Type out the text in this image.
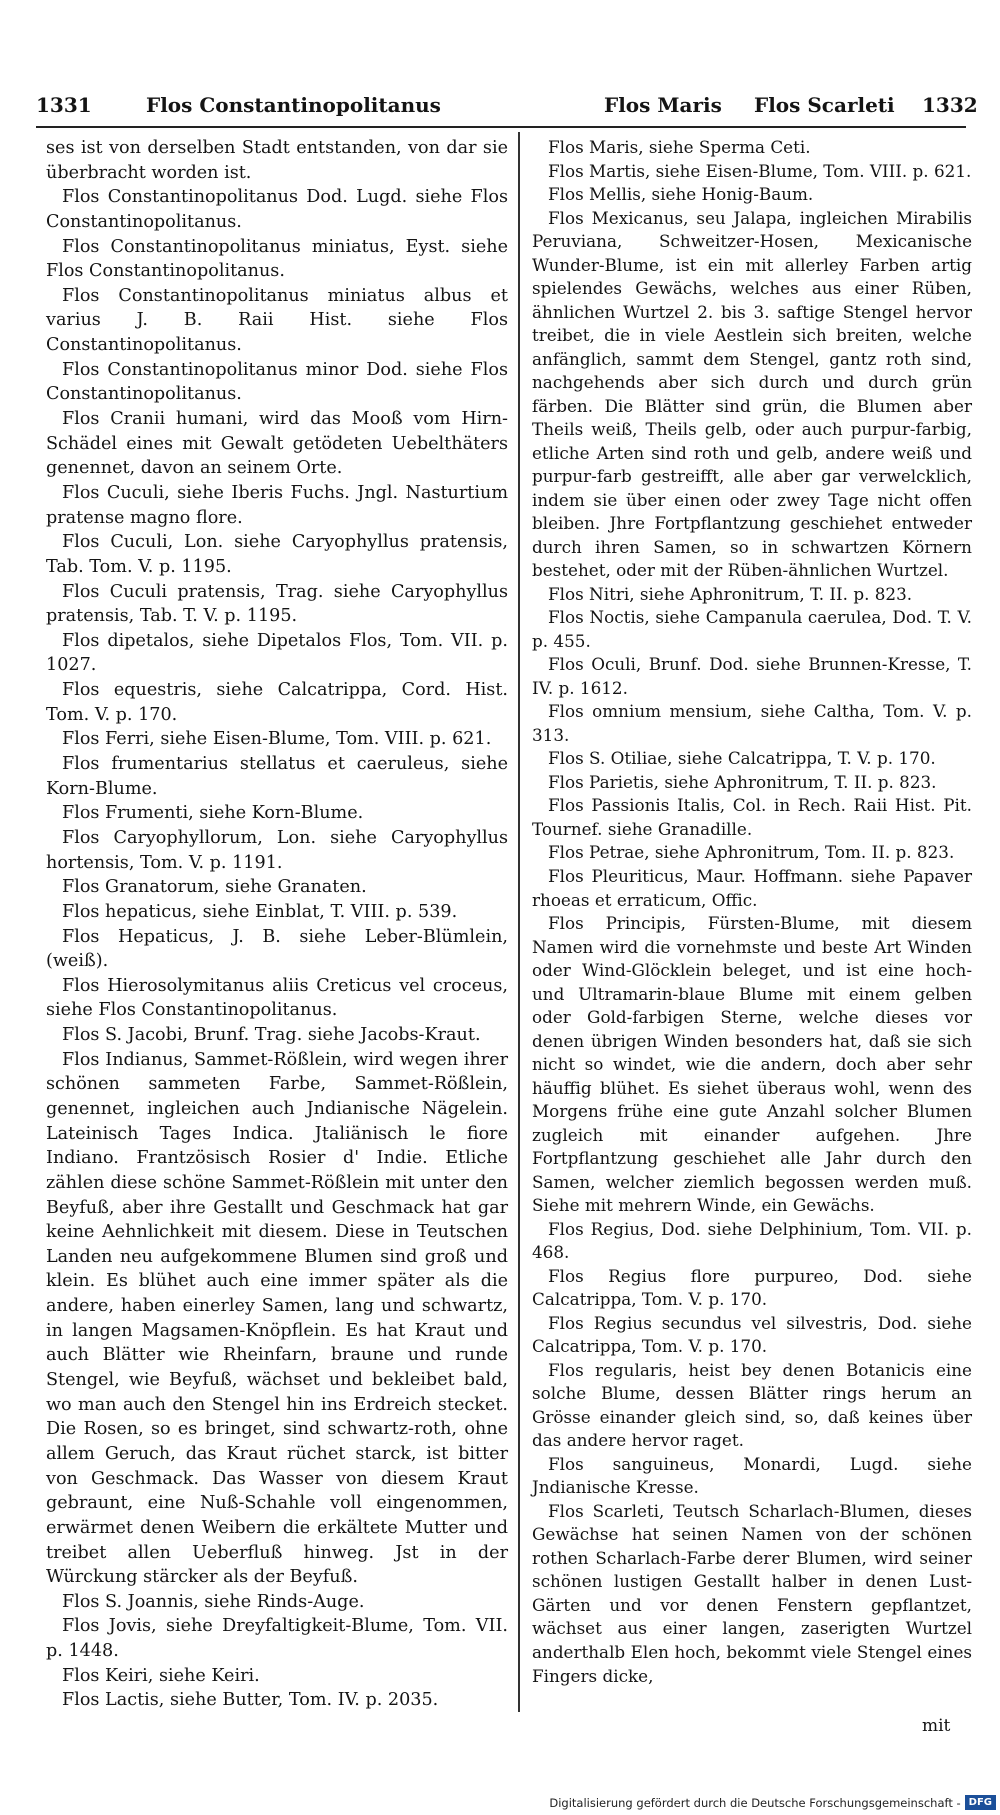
1331	Flos Constantinopolitanus	Flos Maris Flos Scarleti 1332

ses ist von derselben Stadt entstanden, von dar sie überbracht worden ist.

Flos Constantinopolitanus Dod. Lugd. siehe Flos Constantinopolitanus.

Flos Constantinopolitanus miniatus, Eyst. siehe Flos Constantinopolitanus.

Flos Constantinopolitanus miniatus albus et varius J. B. Raii Hist. siehe Flos Constantinopolitanus.

Flos Constantinopolitanus minor Dod. siehe Flos Constantinopolitanus.

Flos Cranii humani, wird das Mooß vom Hirn-Schädel eines mit Gewalt getödeten Uebelthäters genennet, davon an seinem Orte.

Flos Cuculi, siehe Iberis Fuchs. Jngl. Nasturtium pratense magno flore.

Flos Cuculi, Lon. siehe Caryophyllus pratensis, Tab. Tom. V. p. 1195.

Flos Cuculi pratensis, Trag. siehe Caryophyllus pratensis, Tab. T. V. p. 1195.

Flos dipetalos, siehe Dipetalos Flos, Tom. VII. p. 1027.

Flos equestris, siehe Calcatrippa, Cord. Hist. Tom. V. p. 170.

Flos Ferri, siehe Eisen-Blume, Tom. VIII. p. 621.

Flos frumentarius stellatus et caeruleus, siehe Korn-Blume.

Flos Frumenti, siehe Korn-Blume.

Flos Caryophyllorum, Lon. siehe Caryophyllus hortensis, Tom. V. p. 1191.

Flos Granatorum, siehe Granaten.

Flos hepaticus, siehe Einblat, T. VIII. p. 539.

Flos Hepaticus, J. B. siehe Leber-Blümlein, (weiß).

Flos Hierosolymitanus aliis Creticus vel croceus, siehe Flos Constantinopolitanus.

Flos S. Jacobi, Brunf. Trag. siehe Jacobs-Kraut.

Flos Indianus, Sammet-Rößlein, wird wegen ihrer schönen sammeten Farbe, Sammet-Rößlein, genennet, ingleichen auch Jndianische Nägelein. Lateinisch Tages Indica. Jtaliänisch le fiore Indiano. Frantzösisch Rosier d' Indie. Etliche zählen diese schöne Sammet-Rößlein mit unter den Beyfuß, aber ihre Gestallt und Geschmack hat gar keine Aehnlichkeit mit diesem. Diese in Teutschen Landen neu aufgekommene Blumen sind groß und klein. Es blühet auch eine immer später als die andere, haben einerley Samen, lang und schwartz, in langen Magsamen-Knöpflein. Es hat Kraut und auch Blätter wie Rheinfarn, braune und runde Stengel, wie Beyfuß, wächset und bekleibet bald, wo man auch den Stengel hin ins Erdreich stecket. Die Rosen, so es bringet, sind schwartz-roth, ohne allem Geruch, das Kraut rüchet starck, ist bitter von Geschmack. Das Wasser von diesem Kraut gebraunt, eine Nuß-Schahle voll eingenommen, erwärmet denen Weibern die erkältete Mutter und treibet allen Ueberfluß hinweg. Jst in der Würckung stärcker als der Beyfuß.

Flos S. Joannis, siehe Rinds-Auge.

Flos Jovis, siehe Dreyfaltigkeit-Blume, Tom. VII. p. 1448.

Flos Keiri, siehe Keiri.

Flos Lactis, siehe Butter, Tom. IV. p. 2035.

Flos Maris, siehe Sperma Ceti.

Flos Martis, siehe Eisen-Blume, Tom. VIII. p. 621.

Flos Mellis, siehe Honig-Baum.

Flos Mexicanus, seu Jalapa, ingleichen Mirabilis Peruviana, Schweitzer-Hosen, Mexicanische Wunder-Blume, ist ein mit allerley Farben artig spielendes Gewächs, welches aus einer Rüben, ähnlichen Wurtzel 2. bis 3. saftige Stengel hervor treibet, die in viele Aestlein sich breiten, welche anfänglich, sammt dem Stengel, gantz roth sind, nachgehends aber sich durch und durch grün färben. Die Blätter sind grün, die Blumen aber Theils weiß, Theils gelb, oder auch purpur-farbig, etliche Arten sind roth und gelb, andere weiß und purpur-farb gestreifft, alle aber gar verwelcklich, indem sie über einen oder zwey Tage nicht offen bleiben. Jhre Fortpflantzung geschiehet entweder durch ihren Samen, so in schwartzen Körnern bestehet, oder mit der Rüben-ähnlichen Wurtzel.

Flos Nitri, siehe Aphronitrum, T. II. p. 823.

Flos Noctis, siehe Campanula caerulea, Dod. T. V. p. 455.

Flos Oculi, Brunf. Dod. siehe Brunnen-Kresse, T. IV. p. 1612.

Flos omnium mensium, siehe Caltha, Tom. V. p. 313.

Flos S. Otiliae, siehe Calcatrippa, T. V. p. 170.

Flos Parietis, siehe Aphronitrum, T. II. p. 823.

Flos Passionis Italis, Col. in Rech. Raii Hist. Pit. Tournef. siehe Granadille.

Flos Petrae, siehe Aphronitrum, Tom. II. p. 823.

Flos Pleuriticus, Maur. Hoffmann. siehe Papaver rhoeas et erraticum, Offic.

Flos Principis, Fürsten-Blume, mit diesem Namen wird die vornehmste und beste Art Winden oder Wind-Glöcklein beleget, und ist eine hoch- und Ultramarin-blaue Blume mit einem gelben oder Gold-farbigen Sterne, welche dieses vor denen übrigen Winden besonders hat, daß sie sich nicht so windet, wie die andern, doch aber sehr häuffig blühet. Es siehet überaus wohl, wenn des Morgens frühe eine gute Anzahl solcher Blumen zugleich mit einander aufgehen. Jhre Fortpflantzung geschiehet alle Jahr durch den Samen, welcher ziemlich begossen werden muß. Siehe mit mehrern Winde, ein Gewächs.

Flos Regius, Dod. siehe Delphinium, Tom. VII. p. 468.

Flos Regius flore purpureo, Dod. siehe Calcatrippa, Tom. V. p. 170.

Flos Regius secundus vel silvestris, Dod. siehe Calcatrippa, Tom. V. p. 170.

Flos regularis, heist bey denen Botanicis eine solche Blume, dessen Blätter rings herum an Grösse einander gleich sind, so, daß keines über das andere hervor raget.

Flos sanguineus, Monardi, Lugd. siehe Jndianische Kresse.

Flos Scarleti, Teutsch Scharlach-Blumen, dieses Gewächse hat seinen Namen von der schönen rothen Scharlach-Farbe derer Blumen, wird seiner schönen lustigen Gestallt halber in denen Lust-Gärten und vor denen Fenstern gepflantzet, wächset aus einer langen, zaserigten Wurtzel anderthalb Elen hoch, bekommt viele Stengel eines Fingers dicke,

mit
Digitalisierung gefördert durch die Deutsche Forschungsgemeinschaft - DFG
